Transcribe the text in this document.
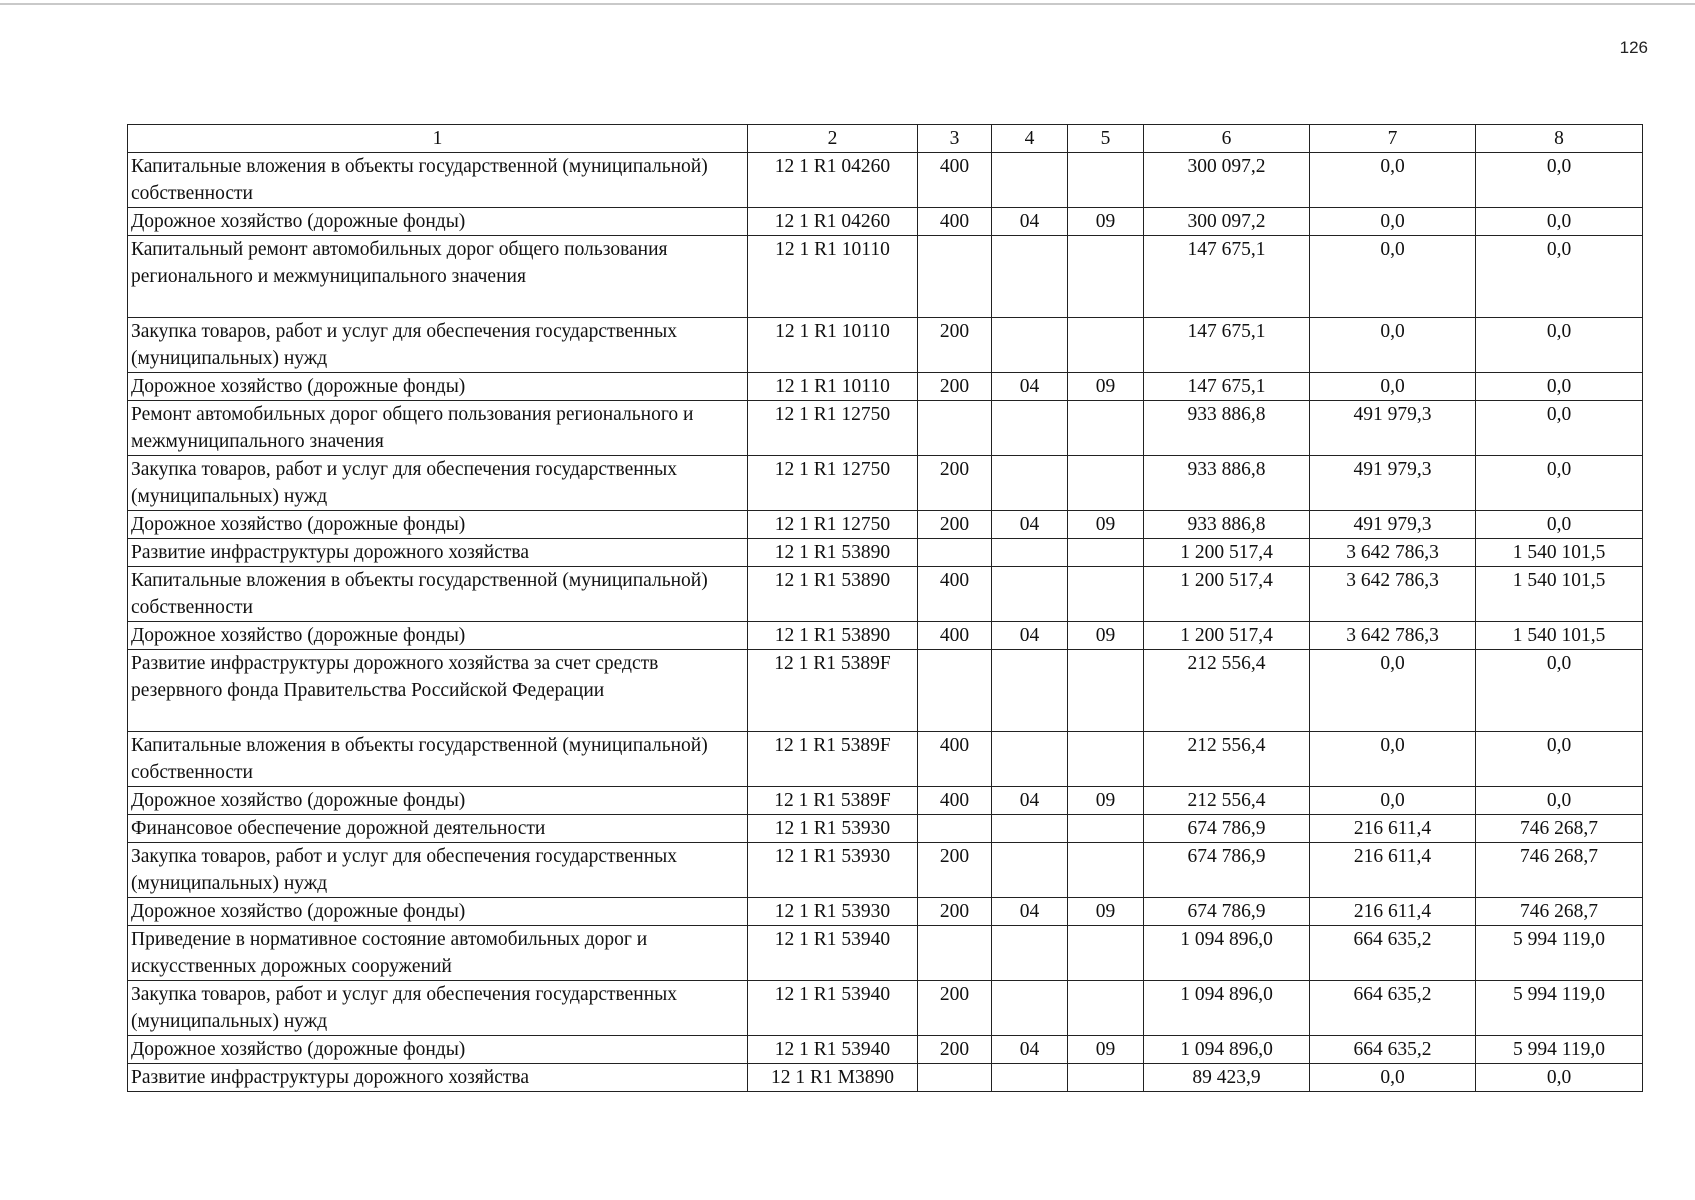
126
1	2	3	4	5	6	7	8
Капитальные вложения в объекты государственной (муниципальной) собственности	12 1 R1 04260	400			300 097,2	0,0	0,0
Дорожное хозяйство (дорожные фонды)	12 1 R1 04260	400	04	09	300 097,2	0,0	0,0
Капитальный ремонт автомобильных дорог общего пользования регионального и межмуниципального значения	12 1 R1 10110				147 675,1	0,0	0,0
Закупка товаров, работ и услуг для обеспечения государственных (муниципальных) нужд	12 1 R1 10110	200			147 675,1	0,0	0,0
Дорожное хозяйство (дорожные фонды)	12 1 R1 10110	200	04	09	147 675,1	0,0	0,0
Ремонт автомобильных дорог общего пользования регионального и межмуниципального значения	12 1 R1 12750				933 886,8	491 979,3	0,0
Закупка товаров, работ и услуг для обеспечения государственных (муниципальных) нужд	12 1 R1 12750	200			933 886,8	491 979,3	0,0
Дорожное хозяйство (дорожные фонды)	12 1 R1 12750	200	04	09	933 886,8	491 979,3	0,0
Развитие инфраструктуры дорожного хозяйства	12 1 R1 53890				1 200 517,4	3 642 786,3	1 540 101,5
Капитальные вложения в объекты государственной (муниципальной) собственности	12 1 R1 53890	400			1 200 517,4	3 642 786,3	1 540 101,5
Дорожное хозяйство (дорожные фонды)	12 1 R1 53890	400	04	09	1 200 517,4	3 642 786,3	1 540 101,5
Развитие инфраструктуры дорожного хозяйства за счет средств резервного фонда Правительства Российской Федерации	12 1 R1 5389F				212 556,4	0,0	0,0
Капитальные вложения в объекты государственной (муниципальной) собственности	12 1 R1 5389F	400			212 556,4	0,0	0,0
Дорожное хозяйство (дорожные фонды)	12 1 R1 5389F	400	04	09	212 556,4	0,0	0,0
Финансовое обеспечение дорожной деятельности	12 1 R1 53930				674 786,9	216 611,4	746 268,7
Закупка товаров, работ и услуг для обеспечения государственных (муниципальных) нужд	12 1 R1 53930	200			674 786,9	216 611,4	746 268,7
Дорожное хозяйство (дорожные фонды)	12 1 R1 53930	200	04	09	674 786,9	216 611,4	746 268,7
Приведение в нормативное состояние автомобильных дорог и искусственных дорожных сооружений	12 1 R1 53940				1 094 896,0	664 635,2	5 994 119,0
Закупка товаров, работ и услуг для обеспечения государственных (муниципальных) нужд	12 1 R1 53940	200			1 094 896,0	664 635,2	5 994 119,0
Дорожное хозяйство (дорожные фонды)	12 1 R1 53940	200	04	09	1 094 896,0	664 635,2	5 994 119,0
Развитие инфраструктуры дорожного хозяйства	12 1 R1 M3890				89 423,9	0,0	0,0
